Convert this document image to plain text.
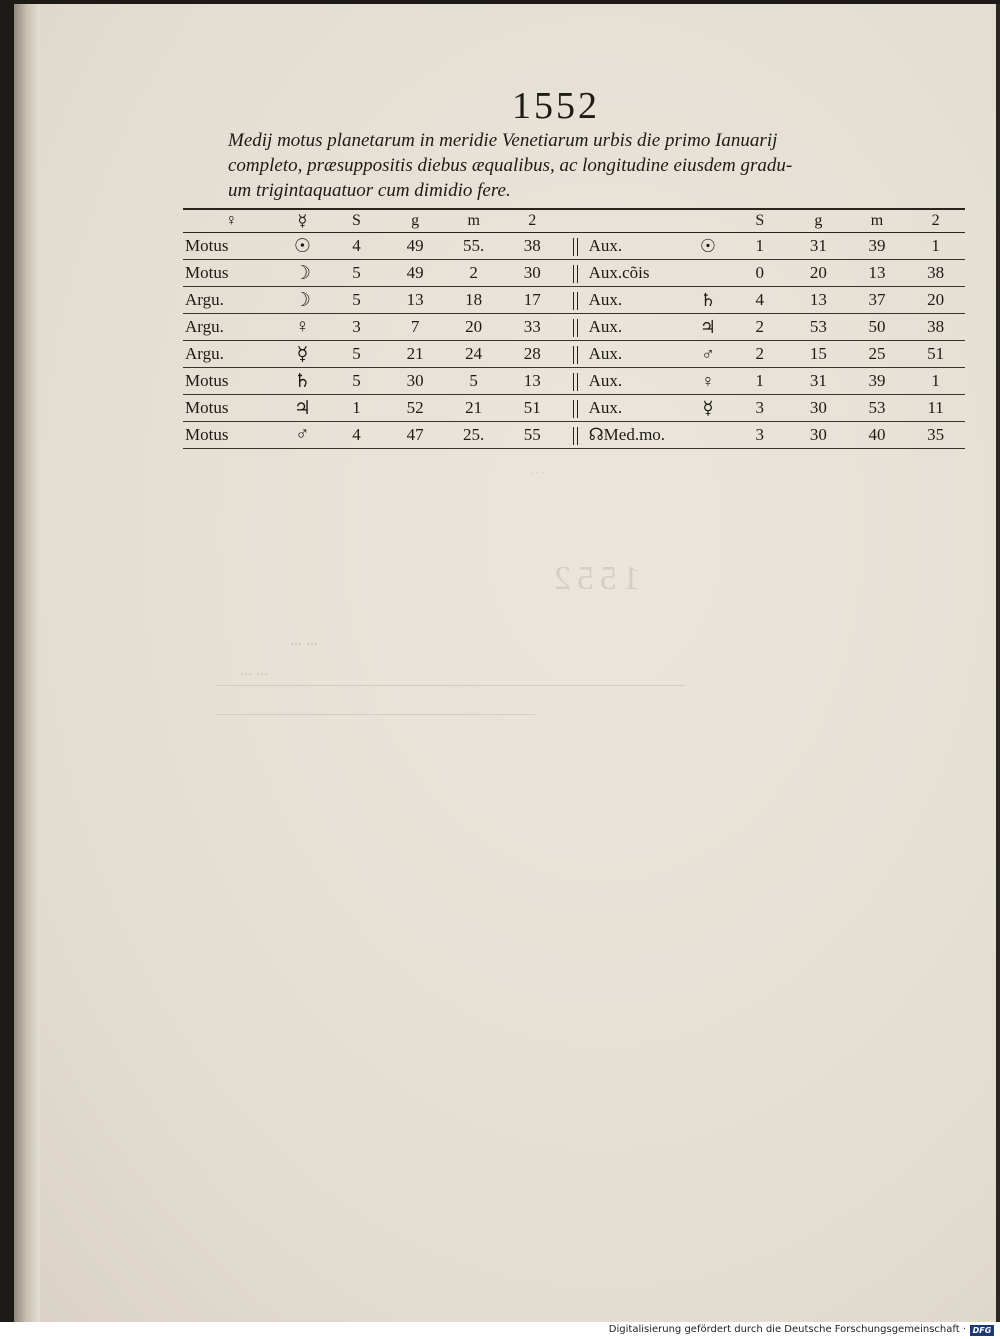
1552
... ...
... ...
1552
Medij motus planetarum in meridie Venetiarum urbis die primo Ianuarij
completo, præsuppositis diebus æqualibus, ac longitudine eiusdem gradu-
um trigintaquatuor cum dimidio fere.
♀	☿	S	g	m	2				S	g	m	2
Motus	☉	4	49	55.	38		Aux.	☉	1	31	39	1
Motus	☽	5	49	2	30		Aux.cõis		0	20	13	38
Argu.	☽	5	13	18	17		Aux.	♄	4	13	37	20
Argu.	♀	3	7	20	33		Aux.	♃	2	53	50	38
Argu.	☿	5	21	24	28		Aux.	♂	2	15	25	51
Motus	♄	5	30	5	13		Aux.	♀	1	31	39	1
Motus	♃	1	52	21	51		Aux.	☿	3	30	53	11
Motus	♂	4	47	25.	55		☊Med.mo.		3	30	40	35
. . .
Digitalisierung gefördert durch die Deutsche Forschungsgemeinschaft · DFG
